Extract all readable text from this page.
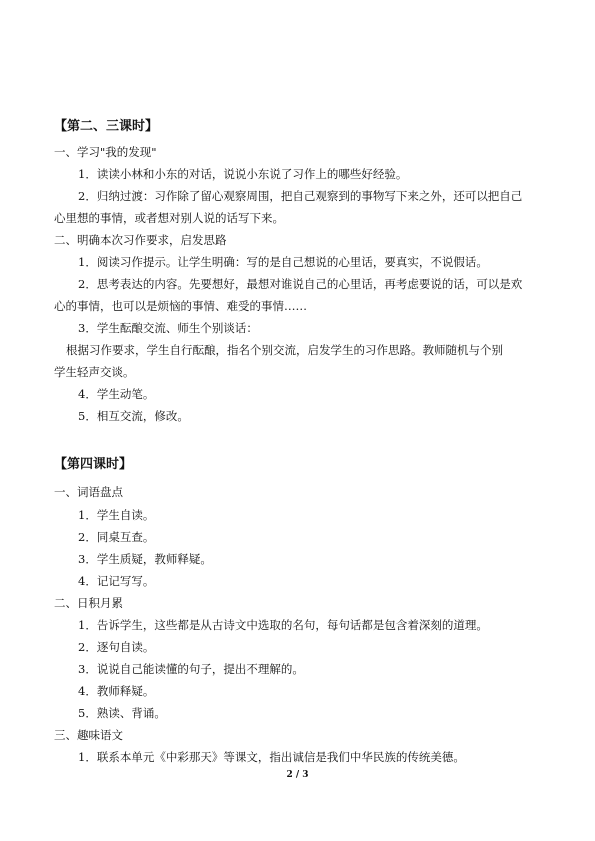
【第二、三课时】
一、学习"我的发现"
1．读读小林和小东的对话，说说小东说了习作上的哪些好经验。
2．归纳过渡：习作除了留心观察周围，把自己观察到的事物写下来之外，还可以把自己
心里想的事情，或者想对别人说的话写下来。
二、明确本次习作要求，启发思路
1．阅读习作提示。让学生明确：写的是自己想说的心里话，要真实，不说假话。
2．思考表达的内容。先要想好，最想对谁说自己的心里话，再考虑要说的话，可以是欢
心的事情，也可以是烦恼的事情、难受的事情……
3．学生酝酿交流、师生个别谈话：
根据习作要求，学生自行酝酿，指名个别交流，启发学生的习作思路。教师随机与个别
学生轻声交谈。
4．学生动笔。
5．相互交流，修改。
【第四课时】
一、词语盘点
1．学生自读。
2．同桌互查。
3．学生质疑，教师释疑。
4．记记写写。
二、日积月累
1．告诉学生，这些都是从古诗文中选取的名句，每句话都是包含着深刻的道理。
2．逐句自读。
3．说说自己能读懂的句子，提出不理解的。
4．教师释疑。
5．熟读、背诵。
三、趣味语文
1．联系本单元《中彩那天》等课文，指出诚信是我们中华民族的传统美德。
2 / 3
